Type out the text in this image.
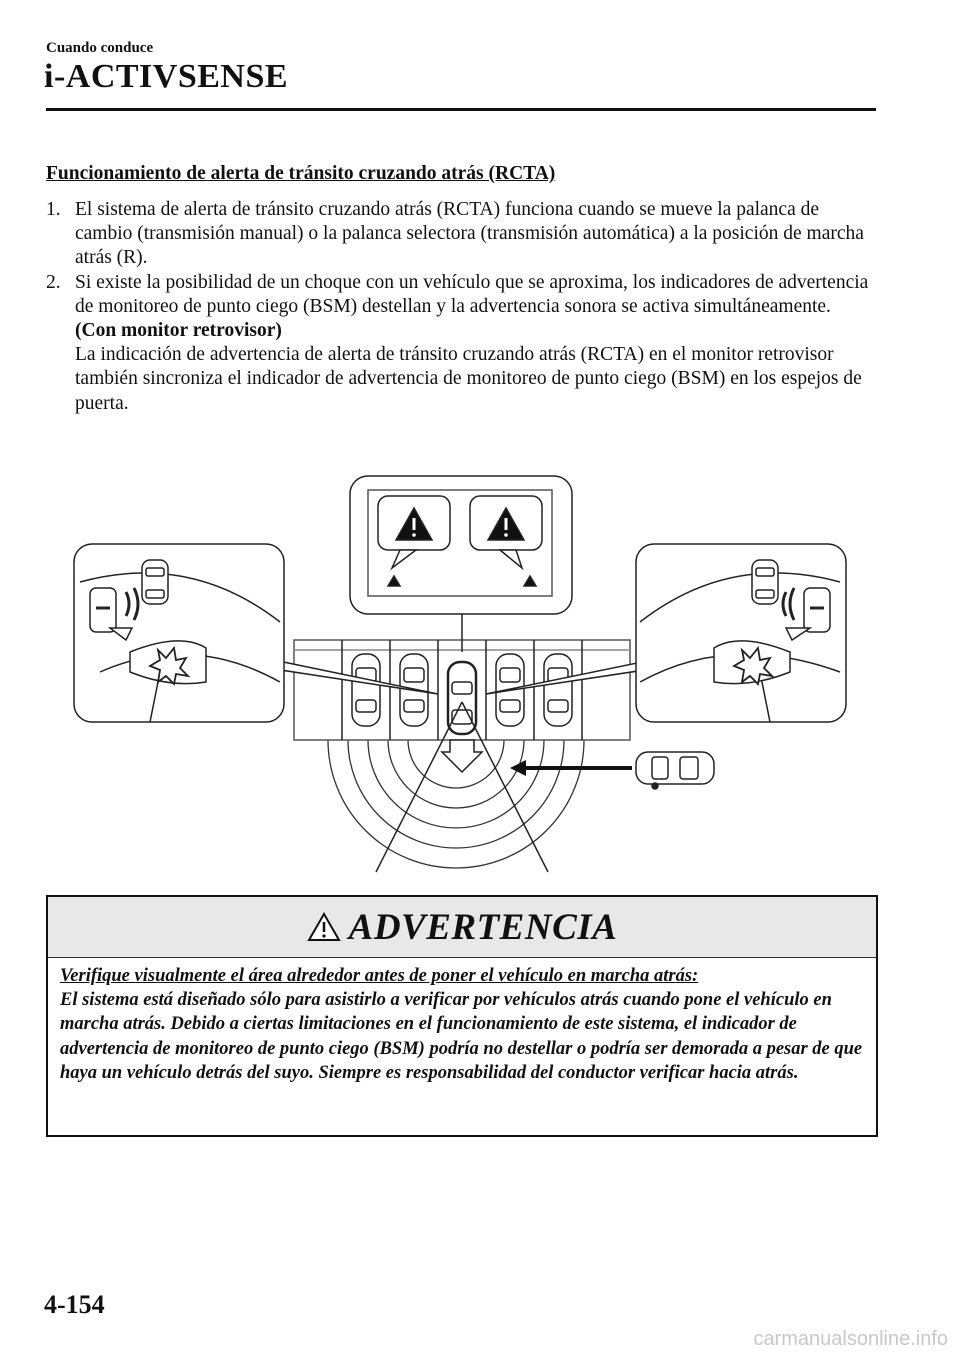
Cuando conduce
i-ACTIVSENSE
Funcionamiento de alerta de tránsito cruzando atrás (RCTA)
1. El sistema de alerta de tránsito cruzando atrás (RCTA) funciona cuando se mueve la palanca de cambio (transmisión manual) o la palanca selectora (transmisión automática) a la posición de marcha atrás (R).
2. Si existe la posibilidad de un choque con un vehículo que se aproxima, los indicadores de advertencia de monitoreo de punto ciego (BSM) destellan y la advertencia sonora se activa simultáneamente.
(Con monitor retrovisor)
La indicación de advertencia de alerta de tránsito cruzando atrás (RCTA) en el monitor retrovisor también sincroniza el indicador de advertencia de monitoreo de punto ciego (BSM) en los espejos de puerta.
ADVERTENCIA
Verifique visualmente el área alrededor antes de poner el vehículo en marcha atrás:
El sistema está diseñado sólo para asistirlo a verificar por vehículos atrás cuando pone el vehículo en marcha atrás. Debido a ciertas limitaciones en el funcionamiento de este sistema, el indicador de advertencia de monitoreo de punto ciego (BSM) podría no destellar o podría ser demorada a pesar de que haya un vehículo detrás del suyo. Siempre es responsabilidad del conductor verificar hacia atrás.
4-154
carmanualsonline.info
